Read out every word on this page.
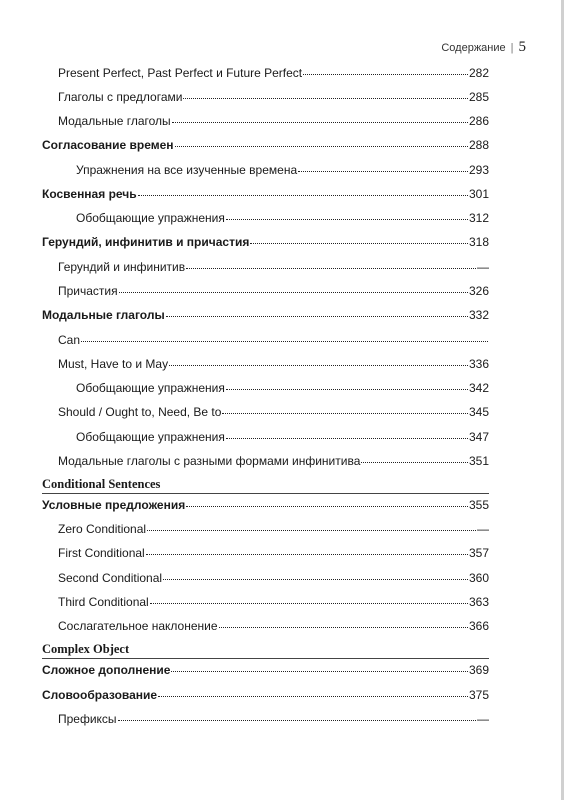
Содержание | 5
Present Perfect, Past Perfect и Future Perfect	282
Глаголы с предлогами	285
Модальные глаголы	286
Согласование времен	288
Упражнения на все изученные времена	293
Косвенная речь	301
Обобщающие упражнения	312
Герундий, инфинитив и причастия	318
Герундий и инфинитив	—
Причастия	326
Модальные глаголы	332
Can
Must, Have to и May	336
Обобщающие упражнения	342
Should / Ought to, Need, Be to	345
Обобщающие упражнения	347
Модальные глаголы с разными формами инфинитива	351
Conditional Sentences
Условные предложения	355
Zero Conditional	—
First Conditional	357
Second Conditional	360
Third Conditional	363
Сослагательное наклонение	366
Complex Object
Сложное дополнение	369
Словообразование	375
Префиксы	—
